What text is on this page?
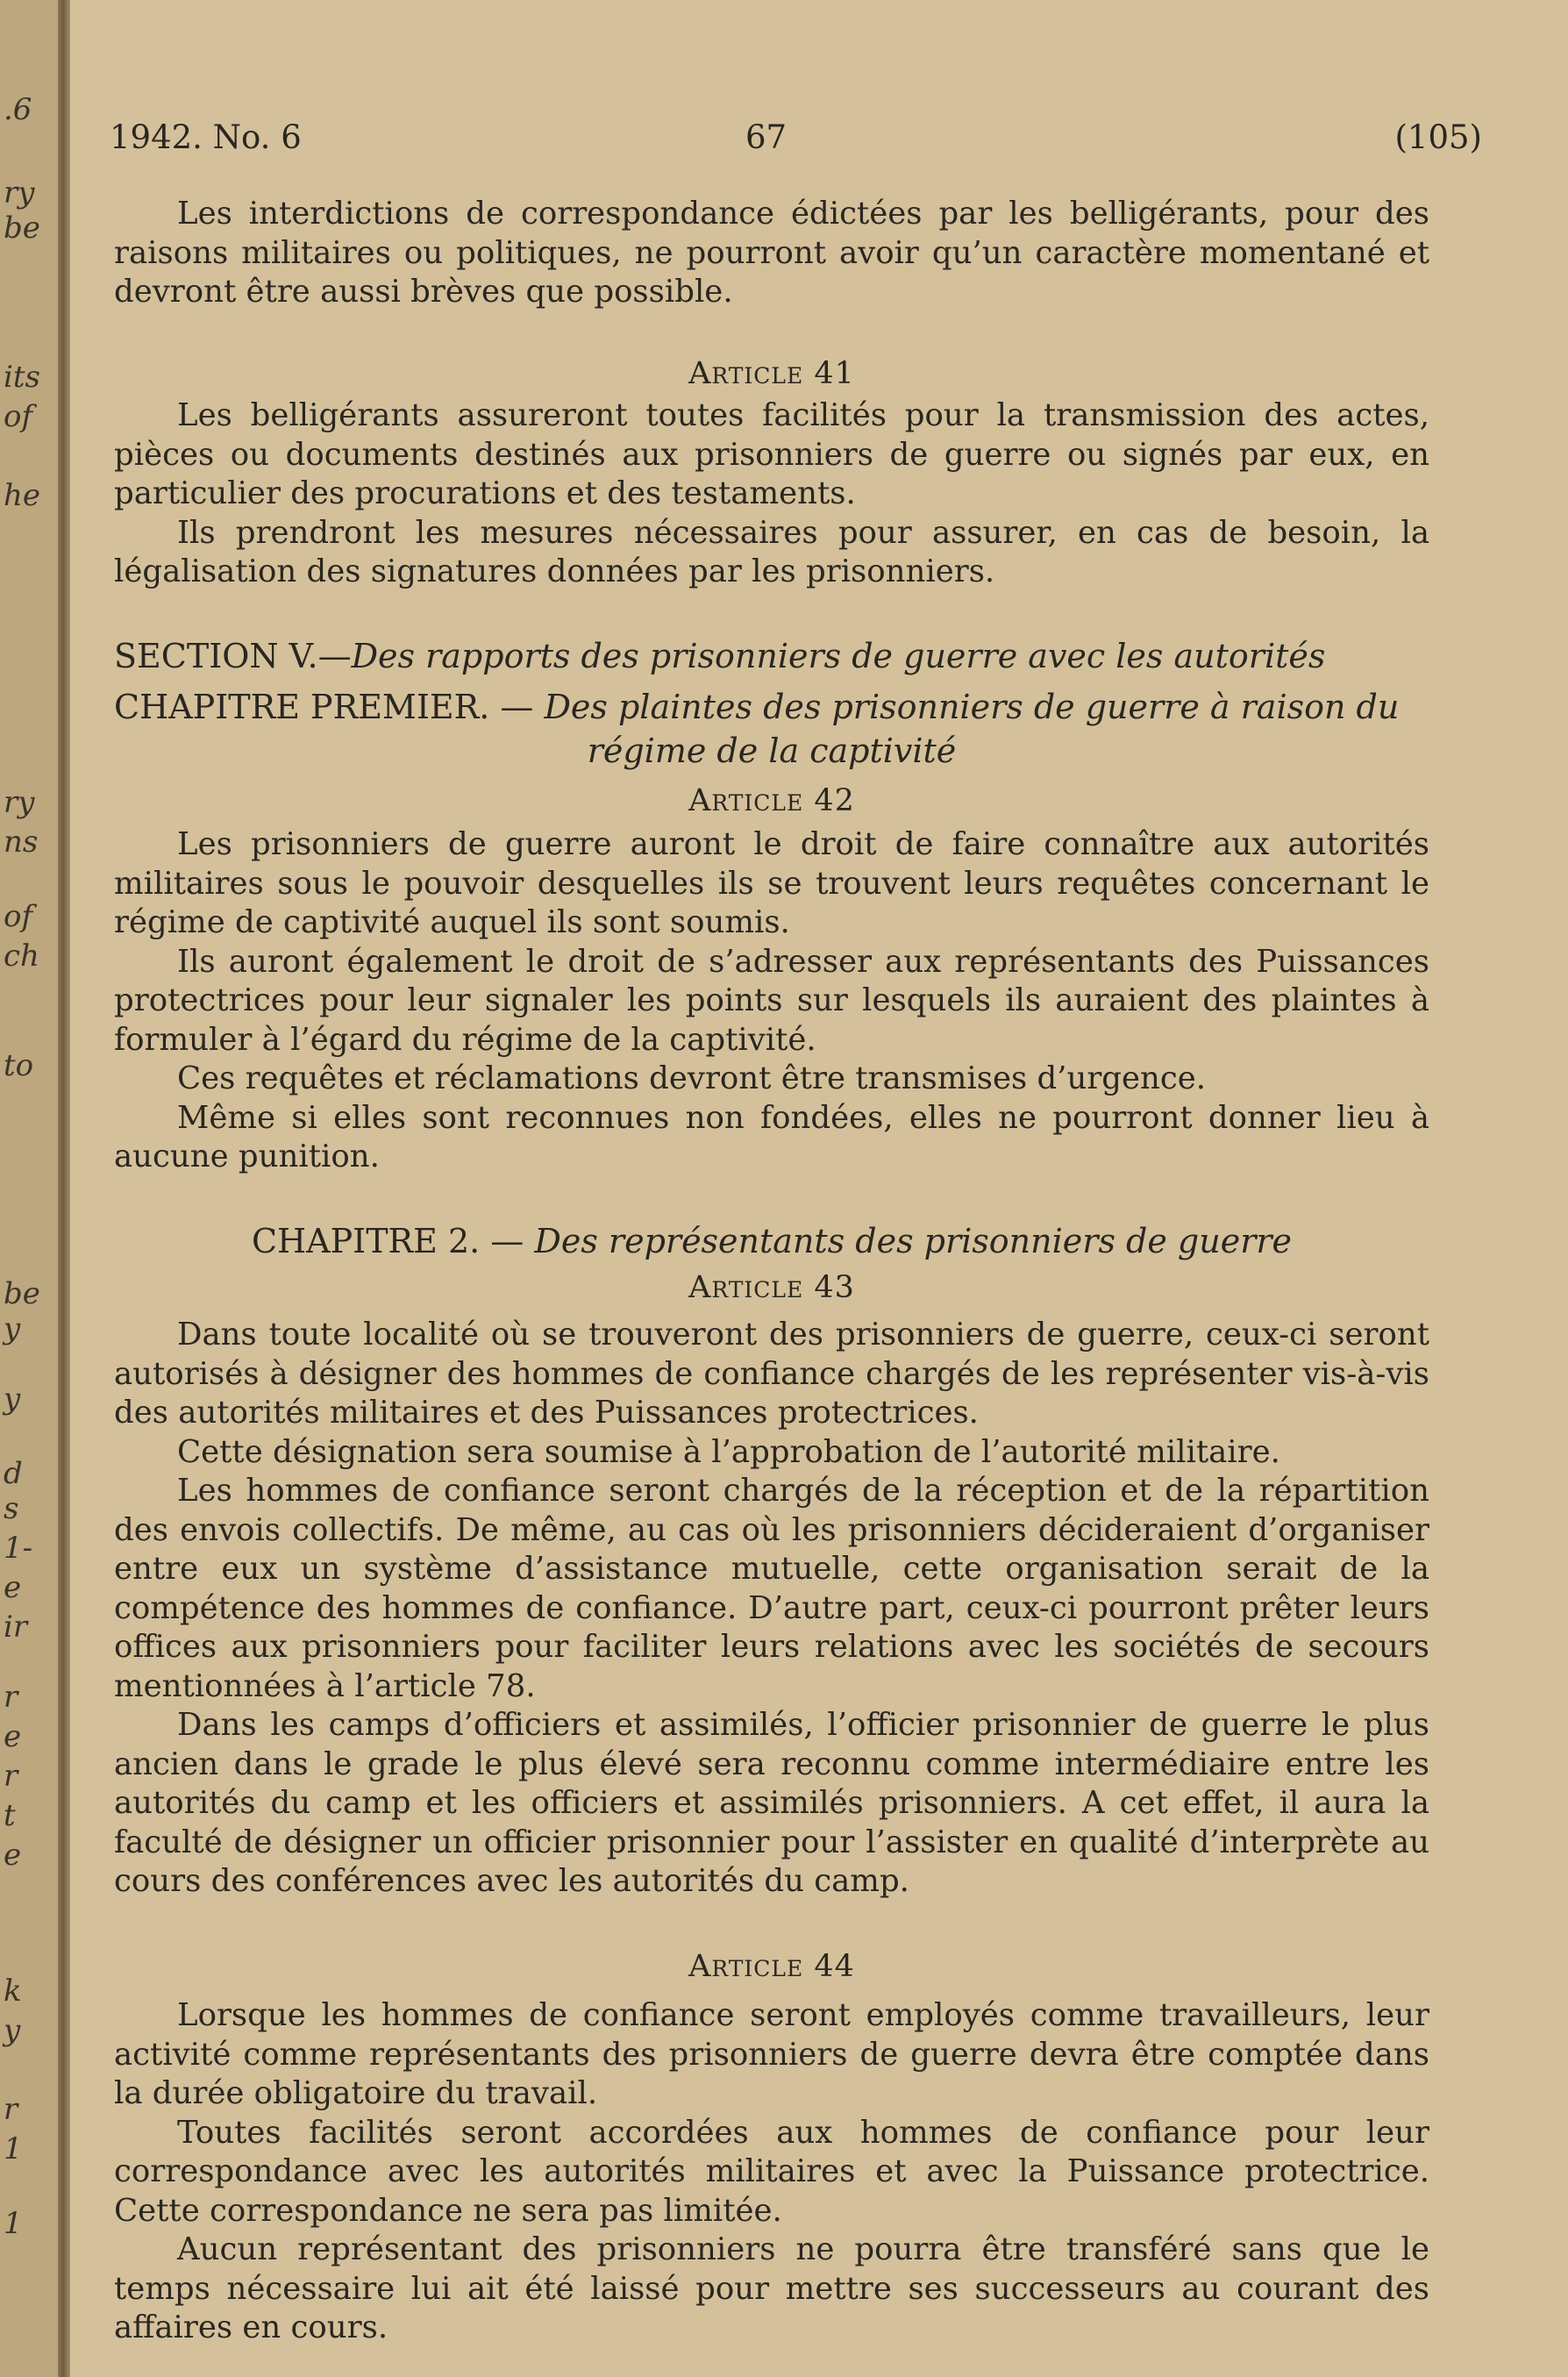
.6
ry
be
its
of
he
ry
ns
of
ch
to
be
y
y
d
s
1-
e
ir
r
e
r
t
e
k
y
r
1
1
1942. No. 6	67	(105)

Les interdictions de correspondance édictées par les belligérants, pour des raisons militaires ou politiques, ne pourront avoir qu’un caractère momentané et devront être aussi brèves que possible.

Article 41

Les belligérants assureront toutes facilités pour la transmission des actes, pièces ou documents destinés aux prisonniers de guerre ou signés par eux, en particulier des procurations et des testaments.

Ils prendront les mesures nécessaires pour assurer, en cas de besoin, la légalisation des signatures données par les prisonniers.

SECTION V.—Des rapports des prisonniers de guerre avec les autorités
CHAPITRE PREMIER. — Des plaintes des prisonniers de guerre à raison du
régime de la captivité
Article 42

Les prisonniers de guerre auront le droit de faire connaître aux autorités militaires sous le pouvoir desquelles ils se trouvent leurs requêtes concernant le régime de captivité auquel ils sont soumis.

Ils auront également le droit de s’adresser aux représentants des Puissances protectrices pour leur signaler les points sur lesquels ils auraient des plaintes à formuler à l’égard du régime de la captivité.

Ces requêtes et réclamations devront être transmises d’urgence.

Même si elles sont reconnues non fondées, elles ne pourront donner lieu à aucune punition.

CHAPITRE 2. — Des représentants des prisonniers de guerre
Article 43

Dans toute localité où se trouveront des prisonniers de guerre, ceux-ci seront autorisés à désigner des hommes de confiance chargés de les représenter vis-à-vis des autorités militaires et des Puissances protectrices.

Cette désignation sera soumise à l’approbation de l’autorité militaire.

Les hommes de confiance seront chargés de la réception et de la répartition des envois collectifs. De même, au cas où les prisonniers décideraient d’organiser entre eux un système d’assistance mutuelle, cette organisation serait de la compétence des hommes de confiance. D’autre part, ceux-ci pourront prêter leurs offices aux prisonniers pour faciliter leurs relations avec les sociétés de secours mentionnées à l’article 78.

Dans les camps d’officiers et assimilés, l’officier prisonnier de guerre le plus ancien dans le grade le plus élevé sera reconnu comme intermédiaire entre les autorités du camp et les officiers et assimilés prisonniers. A cet effet, il aura la faculté de désigner un officier prisonnier pour l’assister en qualité d’interprète au cours des conférences avec les autorités du camp.

Article 44

Lorsque les hommes de confiance seront employés comme travailleurs, leur activité comme représentants des prisonniers de guerre devra être comptée dans la durée obligatoire du travail.

Toutes facilités seront accordées aux hommes de confiance pour leur correspondance avec les autorités militaires et avec la Puissance protectrice. Cette correspondance ne sera pas limitée.

Aucun représentant des prisonniers ne pourra être transféré sans que le temps nécessaire lui ait été laissé pour mettre ses successeurs au courant des affaires en cours.
